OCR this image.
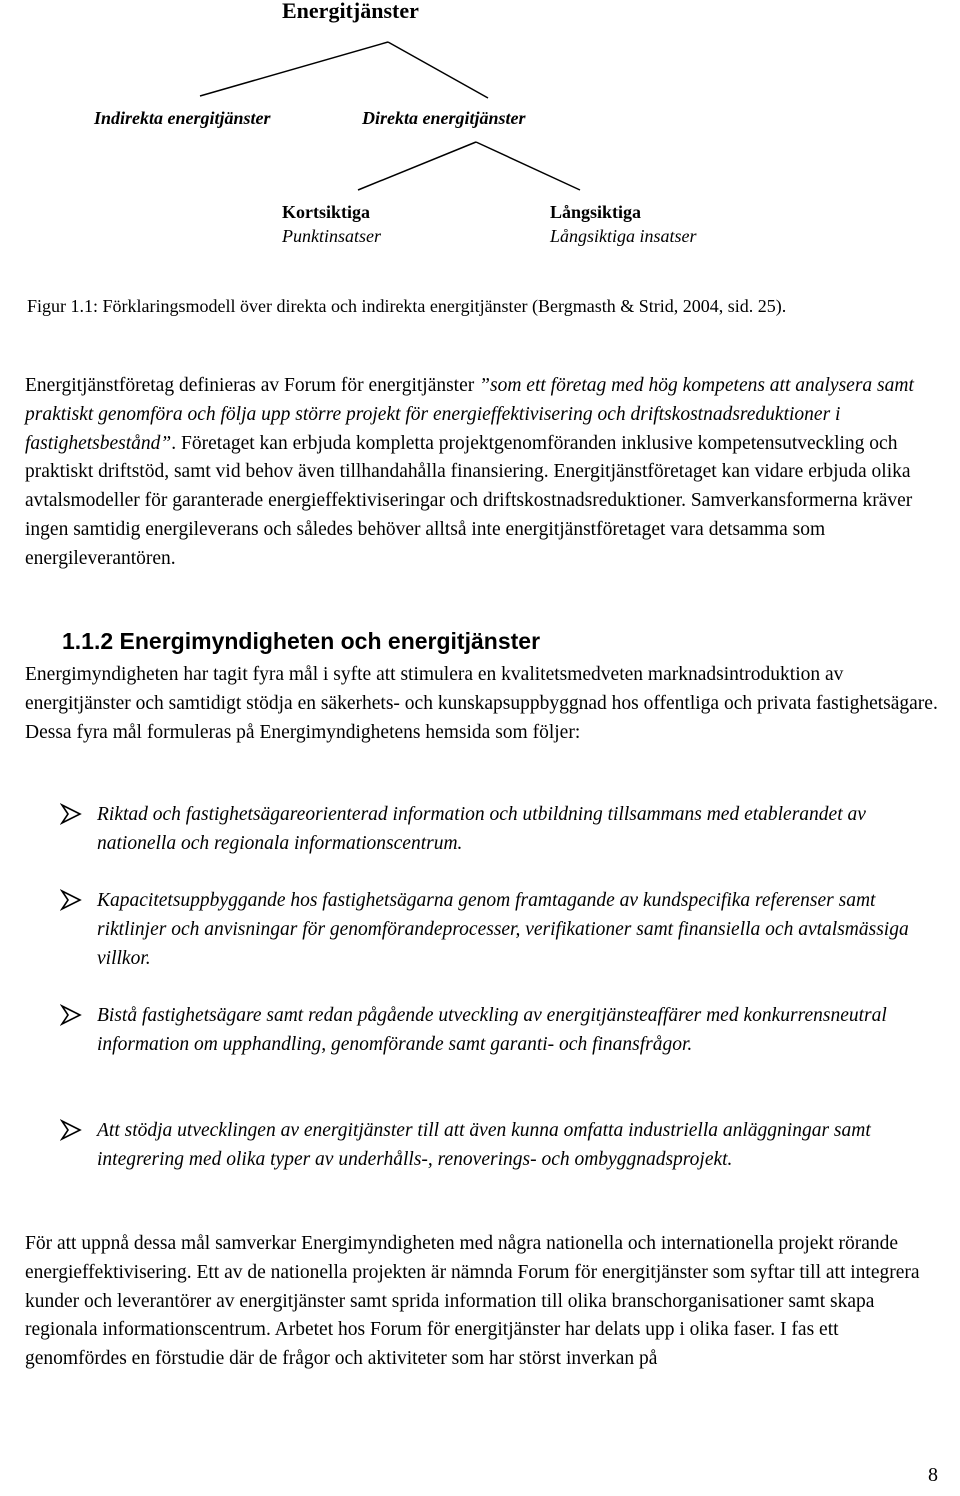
Energitjänster
Indirekta energitjänster	Direkta energitjänster
Kortsiktiga
Punktinsatser
Långsiktiga
Långsiktiga insatser
Figur 1.1: Förklaringsmodell över direkta och indirekta energitjänster (Bergmasth & Strid, 2004, sid. 25).

Energitjänstföretag definieras av Forum för energitjänster ”som ett företag med hög kompetens att analysera samt praktiskt genomföra och följa upp större projekt för energieffektivisering och driftskostnadsreduktioner i fastighetsbestånd”. Företaget kan erbjuda kompletta projektgenomföranden inklusive kompetensutveckling och praktiskt driftstöd, samt vid behov även tillhandahålla finansiering. Energitjänstföretaget kan vidare erbjuda olika avtalsmodeller för garanterade energieffektiviseringar och driftskostnadsreduktioner. Samverkansformerna kräver ingen samtidig energileverans och således behöver alltså inte energitjänstföretaget vara detsamma som energileverantören.

1.1.2 Energimyndigheten och energitjänster

Energimyndigheten har tagit fyra mål i syfte att stimulera en kvalitetsmedveten marknadsintroduktion av energitjänster och samtidigt stödja en säkerhets- och kunskapsuppbyggnad hos offentliga och privata fastighetsägare. Dessa fyra mål formuleras på Energimyndighetens hemsida som följer:

Riktad och fastighetsägareorienterad information och utbildning tillsammans med etablerandet av nationella och regionala informationscentrum.
Kapacitetsuppbyggande hos fastighetsägarna genom framtagande av kundspecifika referenser samt riktlinjer och anvisningar för genomförandeprocesser, verifikationer samt finansiella och avtalsmässiga villkor.
Bistå fastighetsägare samt redan pågående utveckling av energitjänsteaffärer med konkurrensneutral information om upphandling, genomförande samt garanti- och finansfrågor.
Att stödja utvecklingen av energitjänster till att även kunna omfatta industriella anläggningar samt integrering med olika typer av underhålls-, renoverings- och ombyggnadsprojekt.

För att uppnå dessa mål samverkar Energimyndigheten med några nationella och internationella projekt rörande energieffektivisering. Ett av de nationella projekten är nämnda Forum för energitjänster som syftar till att integrera kunder och leverantörer av energitjänster samt sprida information till olika branschorganisationer samt skapa regionala informationscentrum. Arbetet hos Forum för energitjänster har delats upp i olika faser. I fas ett genomfördes en förstudie där de frågor och aktiviteter som har störst inverkan på

8
